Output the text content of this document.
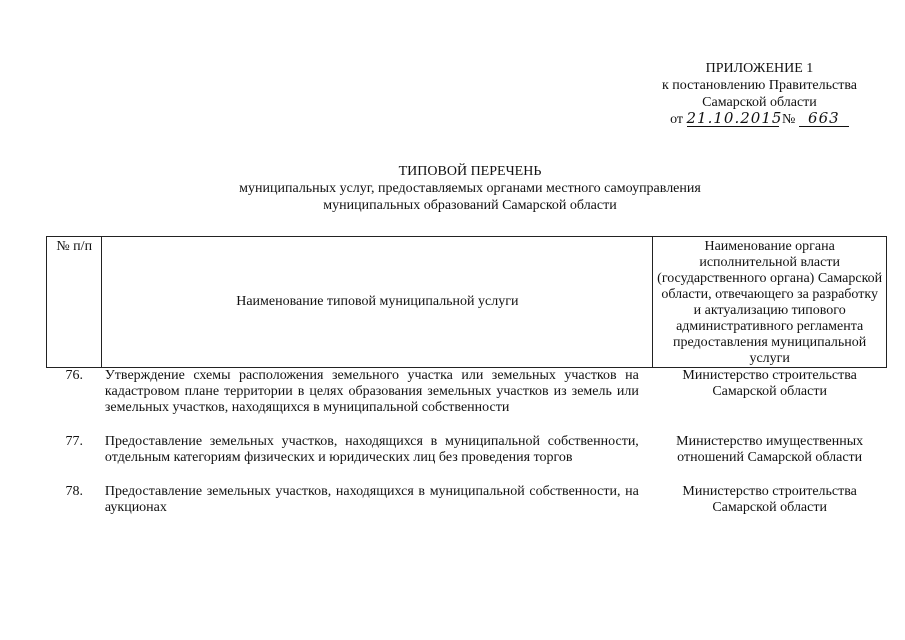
ПРИЛОЖЕНИЕ 1
к постановлению Правительства
Самарской области
от 21.10.2015 № 663
ТИПОВОЙ ПЕРЕЧЕНЬ
муниципальных услуг, предоставляемых органами местного самоуправления
муниципальных образований Самарской области
№ п/п	Наименование типовой муниципальной услуги	Наименование органа исполнительной власти (государственного органа) Самарской области, отвечающего за разработку и актуализацию типового административного регламента предоставления муниципальной услуги
76.	Утверждение схемы расположения земельного участка или земельных участков на кадастровом плане территории в целях образования земельных участков из земель или земельных участков, находящихся в муниципальной собственности	Министерство строительства Самарской области
77.	Предоставление земельных участков, находящихся в муниципальной собственности, отдельным категориям физических и юридических лиц без проведения торгов	Министерство имущественных отношений Самарской области
78.	Предоставление земельных участков, находящихся в муниципальной собственности, на аукционах	Министерство строительства Самарской области
